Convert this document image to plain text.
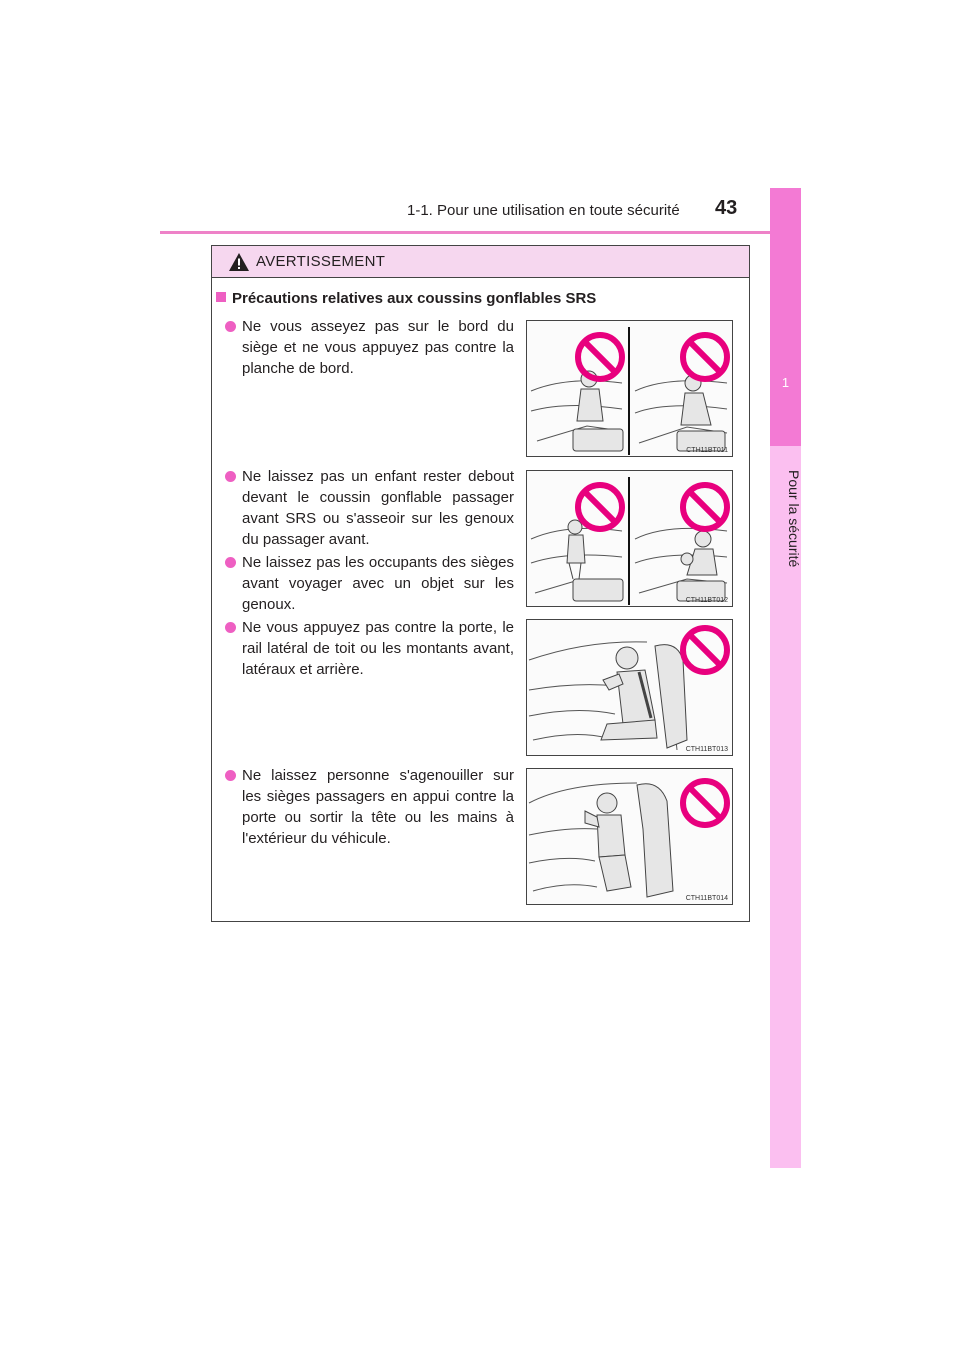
1-1. Pour une utilisation en toute sécurité 43
1
Pour la sécurité
AVERTISSEMENT
Précautions relatives aux coussins gonflables SRS
Ne vous asseyez pas sur le bord du siège et ne vous appuyez pas contre la planche de bord.
Ne laissez pas un enfant rester debout devant le coussin gonflable passager avant SRS ou s'asseoir sur les genoux du passager avant.
Ne laissez pas les occupants des sièges avant voyager avec un objet sur les genoux.
Ne vous appuyez pas contre la porte, le rail latéral de toit ou les montants avant, latéraux et arrière.
Ne laissez personne s'agenouiller sur les sièges passagers en appui contre la porte ou sortir la tête ou les mains à l'extérieur du véhicule.
CTH11BT011
CTH11BT012
CTH11BT013
CTH11BT014
